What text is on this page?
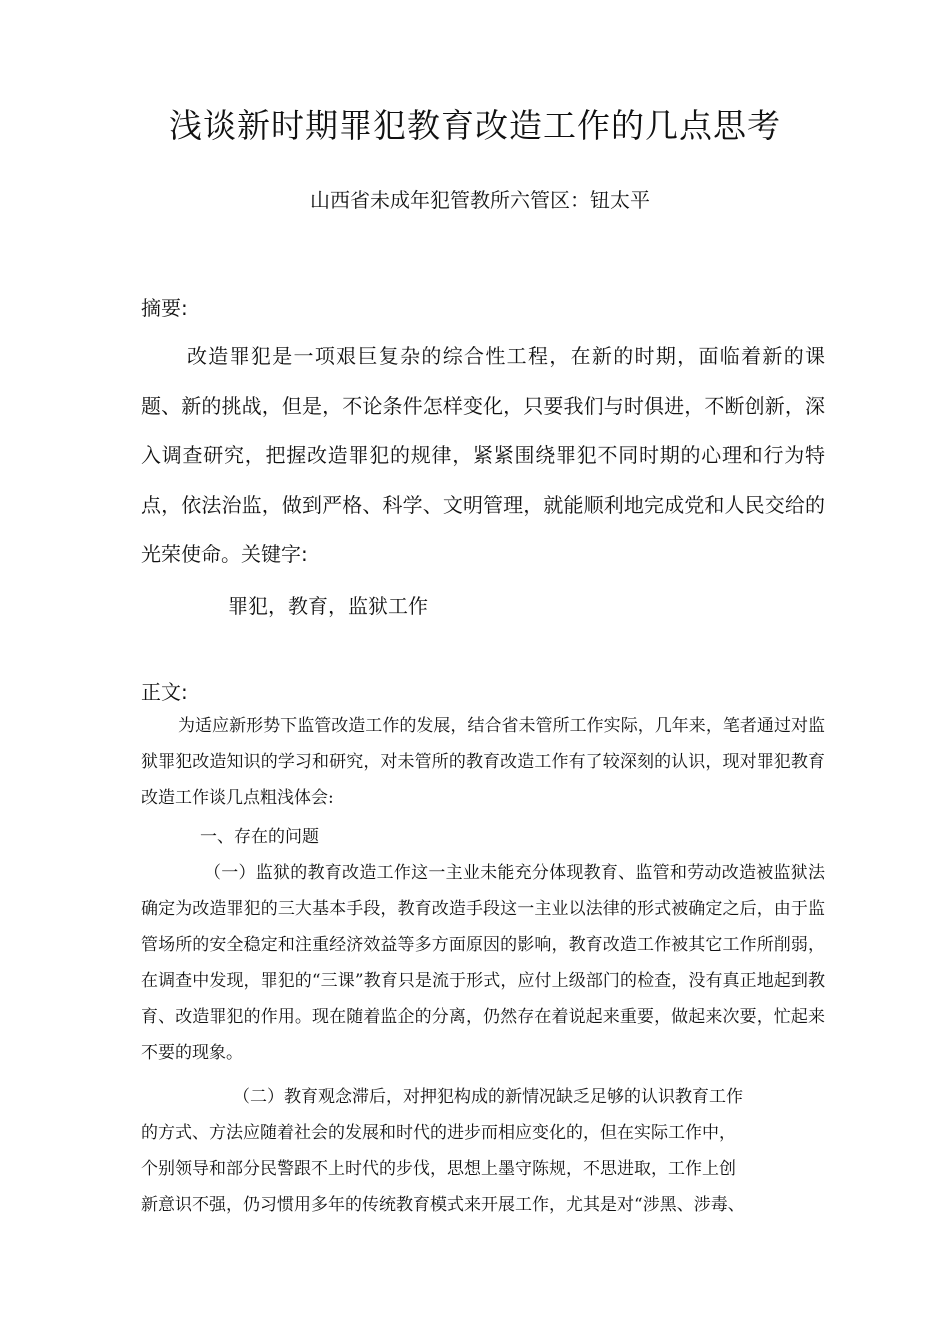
浅谈新时期罪犯教育改造工作的几点思考
山西省未成年犯管教所六管区：钮太平
摘要:
改造罪犯是一项艰巨复杂的综合性工程，在新的时期，面临着新的课题、新的挑战，但是，不论条件怎样变化，只要我们与时俱进，不断创新，深入调查研究，把握改造罪犯的规律，紧紧围绕罪犯不同时期的心理和行为特点，依法治监，做到严格、科学、文明管理，就能顺利地完成党和人民交给的光荣使命。关键字:
罪犯，教育，监狱工作
正文:

为适应新形势下监管改造工作的发展，结合省未管所工作实际，几年来，笔者通过对监狱罪犯改造知识的学习和研究，对未管所的教育改造工作有了较深刻的认识，现对罪犯教育改造工作谈几点粗浅体会:

一、存在的问题

（一）监狱的教育改造工作这一主业未能充分体现教育、监管和劳动改造被监狱法确定为改造罪犯的三大基本手段，教育改造手段这一主业以法律的形式被确定之后，由于监管场所的安全稳定和注重经济效益等多方面原因的影响，教育改造工作被其它工作所削弱，在调查中发现，罪犯的“三课”教育只是流于形式，应付上级部门的检查，没有真正地起到教育、改造罪犯的作用。现在随着监企的分离，仍然存在着说起来重要，做起来次要，忙起来不要的现象。

（二）教育观念滞后，对押犯构成的新情况缺乏足够的认识教育工作
的方式、方法应随着社会的发展和时代的进步而相应变化的，但在实际工作中，
个别领导和部分民警跟不上时代的步伐，思想上墨守陈规，不思进取，工作上创
新意识不强，仍习惯用多年的传统教育模式来开展工作，尤其是对“涉黑、涉毒、
